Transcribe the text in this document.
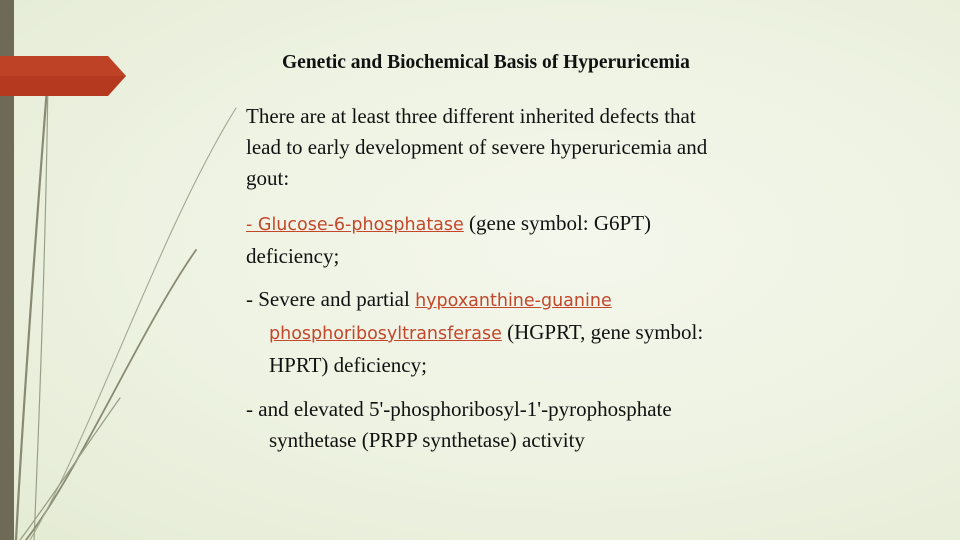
Genetic and Biochemical Basis of Hyperuricemia

There are at least three different inherited defects that lead to early development of severe hyperuricemia and gout:

- Glucose-6-phosphatase (gene symbol: G6PT) deficiency;

- Severe and partial hypoxanthine-guanine phosphoribosyltransferase (HGPRT, gene symbol: HPRT) deficiency;

- and elevated 5'-phosphoribosyl-1'-pyrophosphate synthetase (PRPP synthetase) activity
